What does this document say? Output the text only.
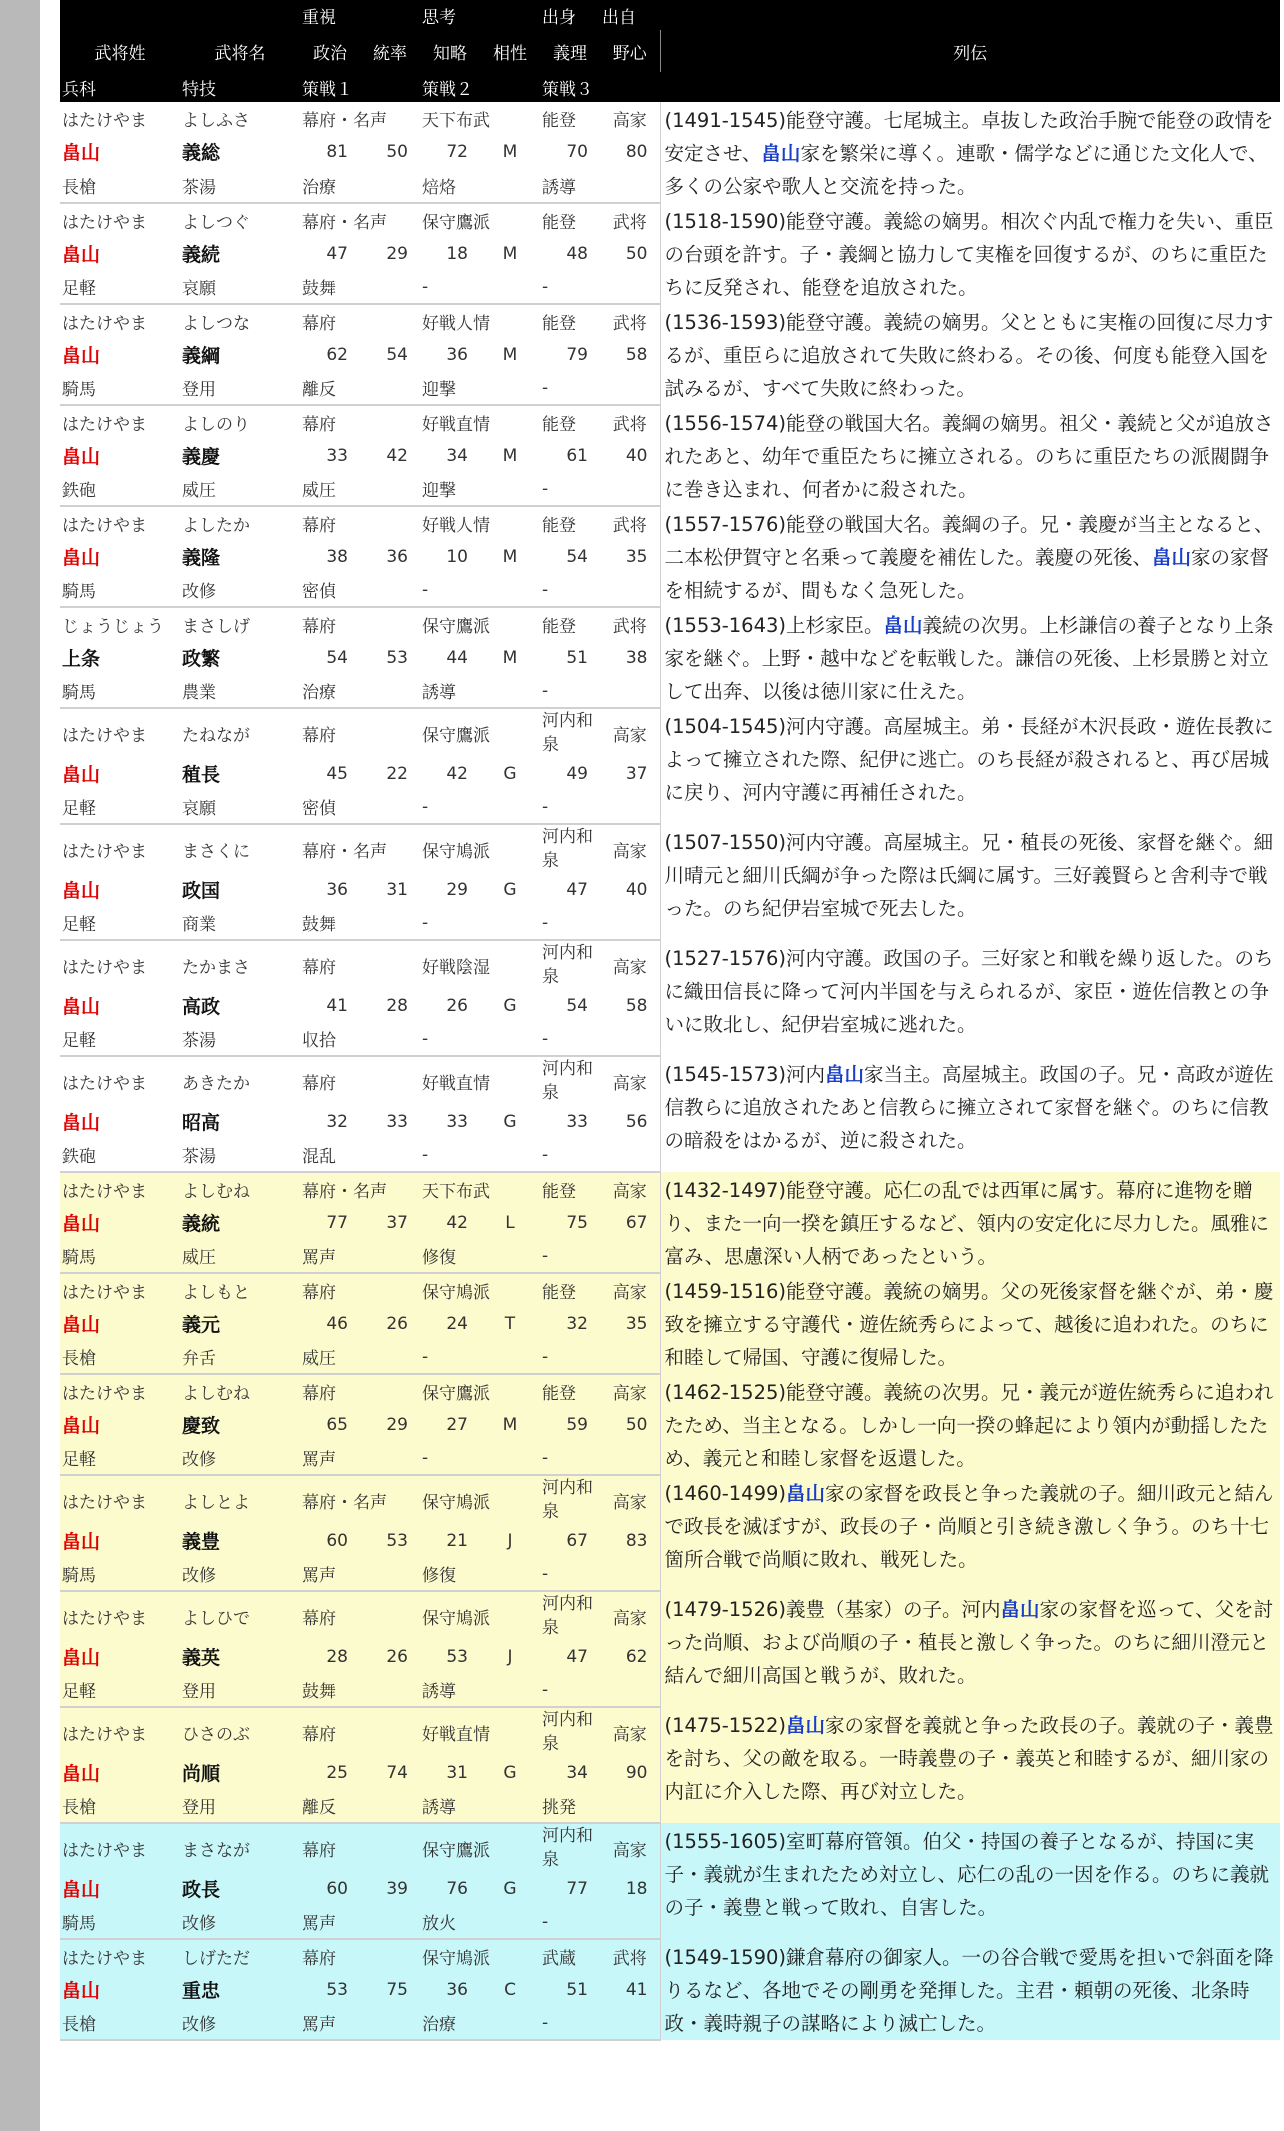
		重視		思考		出身	出自	
武将姓	武将名	政治	統率	知略	相性	義理	野心	列伝
兵科	特技	策戦１		策戦２		策戦３		
はたけやま	よしふさ	幕府・名声		天下布武		能登	高家	(1491-1545)能登守護。七尾城主。卓抜した政治手腕で能登の政情を安定させ、畠山家を繁栄に導く。連歌・儒学などに通じた文化人で、多くの公家や歌人と交流を持った。
畠山	義総	81	50	72	M	70	80	
長槍	茶湯	治療		焙烙		誘導		
はたけやま	よしつぐ	幕府・名声		保守鷹派		能登	武将	(1518-1590)能登守護。義総の嫡男。相次ぐ内乱で権力を失い、重臣の台頭を許す。子・義綱と協力して実権を回復するが、のちに重臣たちに反発され、能登を追放された。
畠山	義続	47	29	18	M	48	50	
足軽	哀願	鼓舞		-		-		
はたけやま	よしつな	幕府		好戦人情		能登	武将	(1536-1593)能登守護。義続の嫡男。父とともに実権の回復に尽力するが、重臣らに追放されて失敗に終わる。その後、何度も能登入国を試みるが、すべて失敗に終わった。
畠山	義綱	62	54	36	M	79	58	
騎馬	登用	離反		迎撃		-		
はたけやま	よしのり	幕府		好戦直情		能登	武将	(1556-1574)能登の戦国大名。義綱の嫡男。祖父・義続と父が追放されたあと、幼年で重臣たちに擁立される。のちに重臣たちの派閥闘争に巻き込まれ、何者かに殺された。
畠山	義慶	33	42	34	M	61	40	
鉄砲	威圧	威圧		迎撃		-		
はたけやま	よしたか	幕府		好戦人情		能登	武将	(1557-1576)能登の戦国大名。義綱の子。兄・義慶が当主となると、二本松伊賀守と名乗って義慶を補佐した。義慶の死後、畠山家の家督を相続するが、間もなく急死した。
畠山	義隆	38	36	10	M	54	35	
騎馬	改修	密偵		-		-		
じょうじょう	まさしげ	幕府		保守鷹派		能登	武将	(1553-1643)上杉家臣。畠山義続の次男。上杉謙信の養子となり上条家を継ぐ。上野・越中などを転戦した。謙信の死後、上杉景勝と対立して出奔、以後は徳川家に仕えた。
上条	政繁	54	53	44	M	51	38	
騎馬	農業	治療		誘導		-		
はたけやま	たねなが	幕府		保守鷹派		河内和泉	高家	(1504-1545)河内守護。高屋城主。弟・長経が木沢長政・遊佐長教によって擁立された際、紀伊に逃亡。のち長経が殺されると、再び居城に戻り、河内守護に再補任された。
畠山	稙長	45	22	42	G	49	37	
足軽	哀願	密偵		-		-		
はたけやま	まさくに	幕府・名声		保守鳩派		河内和泉	高家	(1507-1550)河内守護。高屋城主。兄・稙長の死後、家督を継ぐ。細川晴元と細川氏綱が争った際は氏綱に属す。三好義賢らと舎利寺で戦った。のち紀伊岩室城で死去した。
畠山	政国	36	31	29	G	47	40	
足軽	商業	鼓舞		-		-		
はたけやま	たかまさ	幕府		好戦陰湿		河内和泉	高家	(1527-1576)河内守護。政国の子。三好家と和戦を繰り返した。のちに織田信長に降って河内半国を与えられるが、家臣・遊佐信教との争いに敗北し、紀伊岩室城に逃れた。
畠山	高政	41	28	26	G	54	58	
足軽	茶湯	収拾		-		-		
はたけやま	あきたか	幕府		好戦直情		河内和泉	高家	(1545-1573)河内畠山家当主。高屋城主。政国の子。兄・高政が遊佐信教らに追放されたあと信教らに擁立されて家督を継ぐ。のちに信教の暗殺をはかるが、逆に殺された。
畠山	昭高	32	33	33	G	33	56	
鉄砲	茶湯	混乱		-		-		
はたけやま	よしむね	幕府・名声		天下布武		能登	高家	(1432-1497)能登守護。応仁の乱では西軍に属す。幕府に進物を贈り、また一向一揆を鎮圧するなど、領内の安定化に尽力した。風雅に富み、思慮深い人柄であったという。
畠山	義統	77	37	42	L	75	67	
騎馬	威圧	罵声		修復		-		
はたけやま	よしもと	幕府		保守鳩派		能登	高家	(1459-1516)能登守護。義統の嫡男。父の死後家督を継ぐが、弟・慶致を擁立する守護代・遊佐統秀らによって、越後に追われた。のちに和睦して帰国、守護に復帰した。
畠山	義元	46	26	24	T	32	35	
長槍	弁舌	威圧		-		-		
はたけやま	よしむね	幕府		保守鷹派		能登	高家	(1462-1525)能登守護。義統の次男。兄・義元が遊佐統秀らに追われたため、当主となる。しかし一向一揆の蜂起により領内が動揺したため、義元と和睦し家督を返還した。
畠山	慶致	65	29	27	M	59	50	
足軽	改修	罵声		-		-		
はたけやま	よしとよ	幕府・名声		保守鳩派		河内和泉	高家	(1460-1499)畠山家の家督を政長と争った義就の子。細川政元と結んで政長を滅ぼすが、政長の子・尚順と引き続き激しく争う。のち十七箇所合戦で尚順に敗れ、戦死した。
畠山	義豊	60	53	21	J	67	83	
騎馬	改修	罵声		修復		-		
はたけやま	よしひで	幕府		保守鳩派		河内和泉	高家	(1479-1526)義豊（基家）の子。河内畠山家の家督を巡って、父を討った尚順、および尚順の子・稙長と激しく争った。のちに細川澄元と結んで細川高国と戦うが、敗れた。
畠山	義英	28	26	53	J	47	62	
足軽	登用	鼓舞		誘導		-		
はたけやま	ひさのぶ	幕府		好戦直情		河内和泉	高家	(1475-1522)畠山家の家督を義就と争った政長の子。義就の子・義豊を討ち、父の敵を取る。一時義豊の子・義英と和睦するが、細川家の内訌に介入した際、再び対立した。
畠山	尚順	25	74	31	G	34	90	
長槍	登用	離反		誘導		挑発		
はたけやま	まさなが	幕府		保守鷹派		河内和泉	高家	(1555-1605)室町幕府管領。伯父・持国の養子となるが、持国に実子・義就が生まれたため対立し、応仁の乱の一因を作る。のちに義就の子・義豊と戦って敗れ、自害した。
畠山	政長	60	39	76	G	77	18	
騎馬	改修	罵声		放火		-		
はたけやま	しげただ	幕府		保守鳩派		武蔵	武将	(1549-1590)鎌倉幕府の御家人。一の谷合戦で愛馬を担いで斜面を降りるなど、各地でその剛勇を発揮した。主君・頼朝の死後、北条時政・義時親子の謀略により滅亡した。
畠山	重忠	53	75	36	C	51	41	
長槍	改修	罵声		治療		-		
